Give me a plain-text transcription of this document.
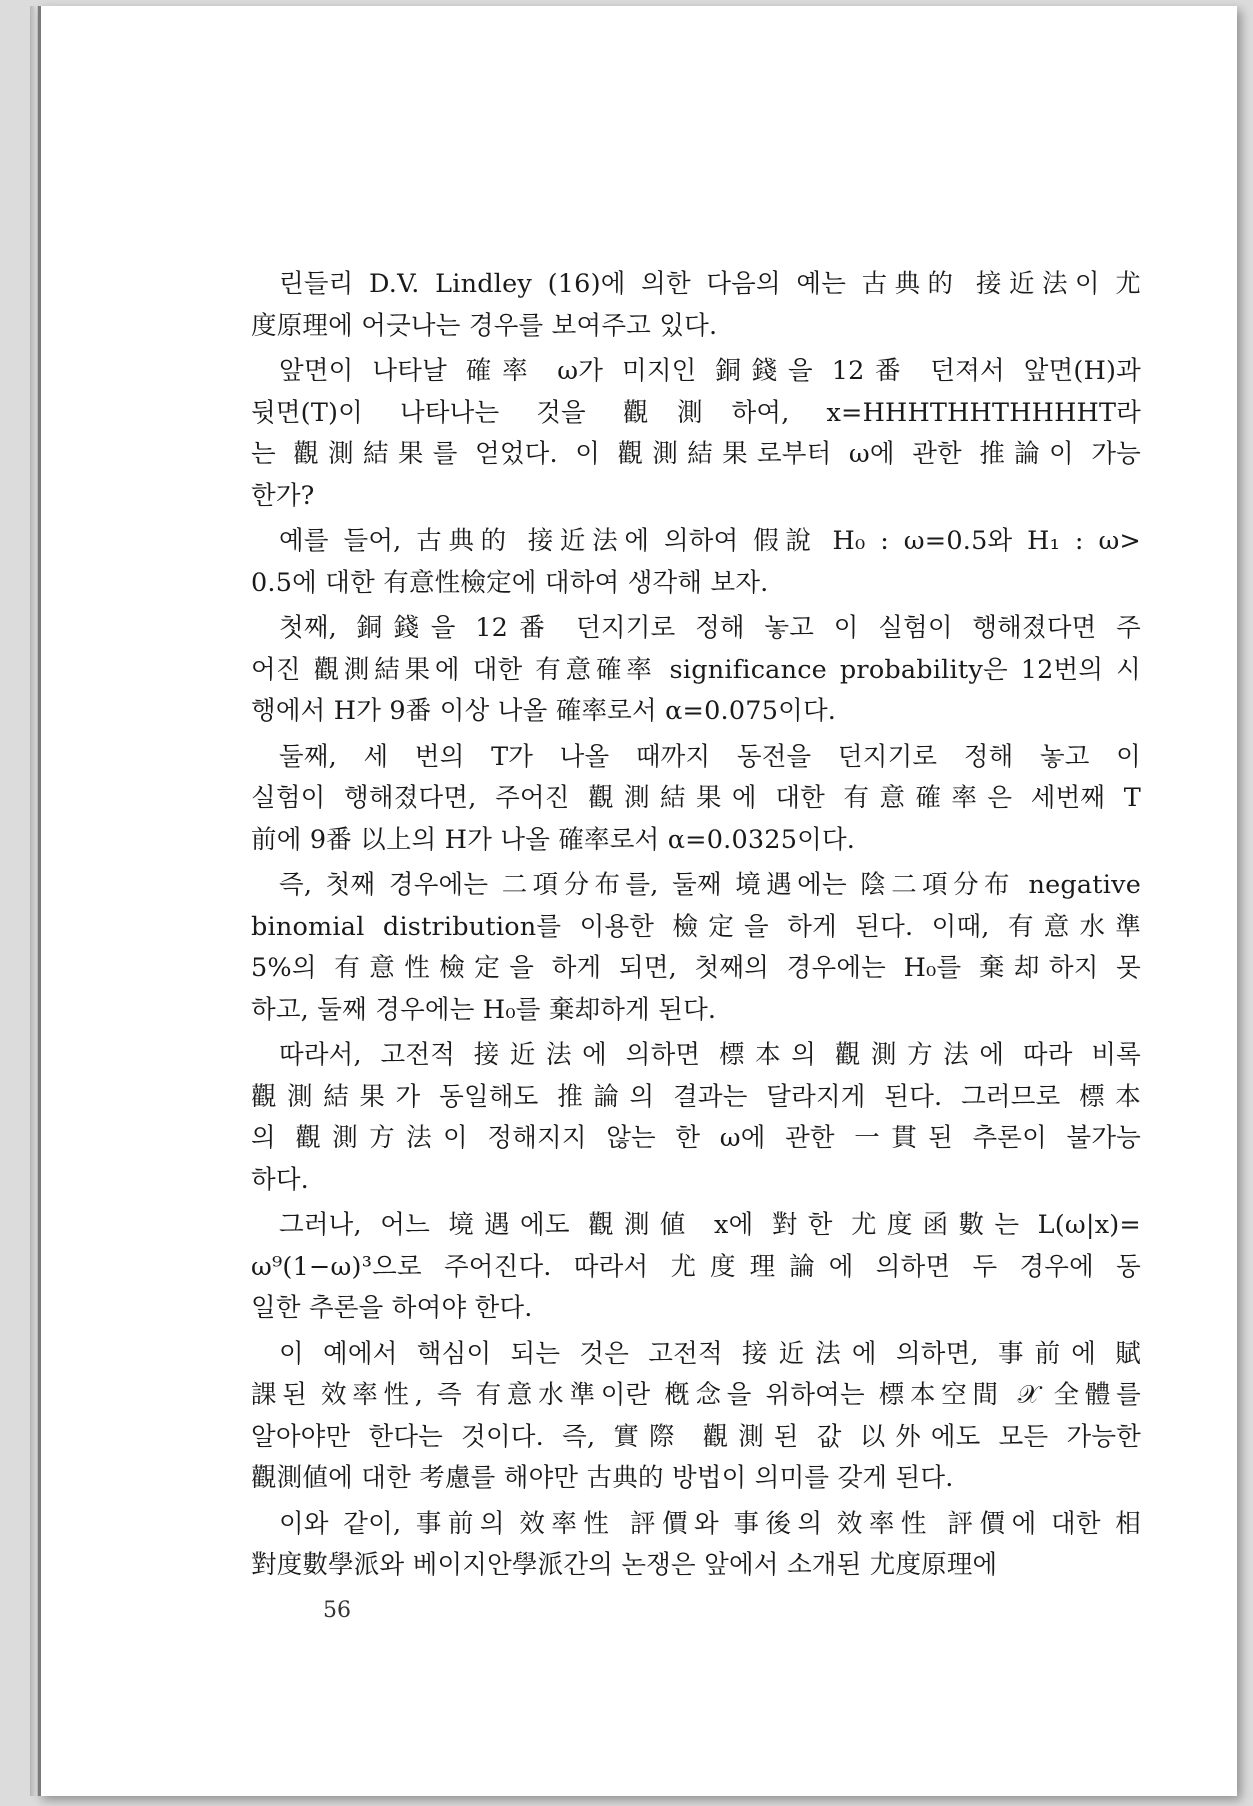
린들리 D.V. Lindley (16)에 의한 다음의 예는 古典的 接近法이 尤
度原理에 어긋나는 경우를 보여주고 있다.
앞면이 나타날 確率 ω가 미지인 銅錢을 12番 던져서 앞면(H)과
뒷면(T)이 나타나는 것을 觀測하여, x=HHHTHHTHHHHT라
는 觀測結果를 얻었다. 이 觀測結果로부터 ω에 관한 推論이 가능
한가?
예를 들어, 古典的 接近法에 의하여 假說 H₀ : ω=0.5와 H₁ : ω>
0.5에 대한 有意性檢定에 대하여 생각해 보자.
첫째, 銅錢을 12番 던지기로 정해 놓고 이 실험이 행해졌다면 주
어진 觀測結果에 대한 有意確率 significance probability은 12번의 시
행에서 H가 9番 이상 나올 確率로서 α=0.075이다.
둘째, 세 번의 T가 나올 때까지 동전을 던지기로 정해 놓고 이
실험이 행해졌다면, 주어진 觀測結果에 대한 有意確率은 세번째 T
前에 9番 以上의 H가 나올 確率로서 α=0.0325이다.
즉, 첫째 경우에는 二項分布를, 둘째 境遇에는 陰二項分布 negative
binomial distribution를 이용한 檢定을 하게 된다. 이때, 有意水準
5%의 有意性檢定을 하게 되면, 첫째의 경우에는 H₀를 棄却하지 못
하고, 둘째 경우에는 H₀를 棄却하게 된다.
따라서, 고전적 接近法에 의하면 標本의 觀測方法에 따라 비록
觀測結果가 동일해도 推論의 결과는 달라지게 된다. 그러므로 標本
의 觀測方法이 정해지지 않는 한 ω에 관한 一貫된 추론이 불가능
하다.
그러나, 어느 境遇에도 觀測値 x에 對한 尤度函數는 L(ω|x)=
ω⁹(1−ω)³으로 주어진다. 따라서 尤度理論에 의하면 두 경우에 동
일한 추론을 하여야 한다.
이 예에서 핵심이 되는 것은 고전적 接近法에 의하면, 事前에 賦
課된 效率性, 즉 有意水準이란 槪念을 위하여는 標本空間 𝒳 全體를
알아야만 한다는 것이다. 즉, 實際 觀測된 값 以外에도 모든 가능한
觀測値에 대한 考慮를 해야만 古典的 방법이 의미를 갖게 된다.
이와 같이, 事前의 效率性 評價와 事後의 效率性 評價에 대한 相
對度數學派와 베이지안學派간의 논쟁은 앞에서 소개된 尤度原理에
56
